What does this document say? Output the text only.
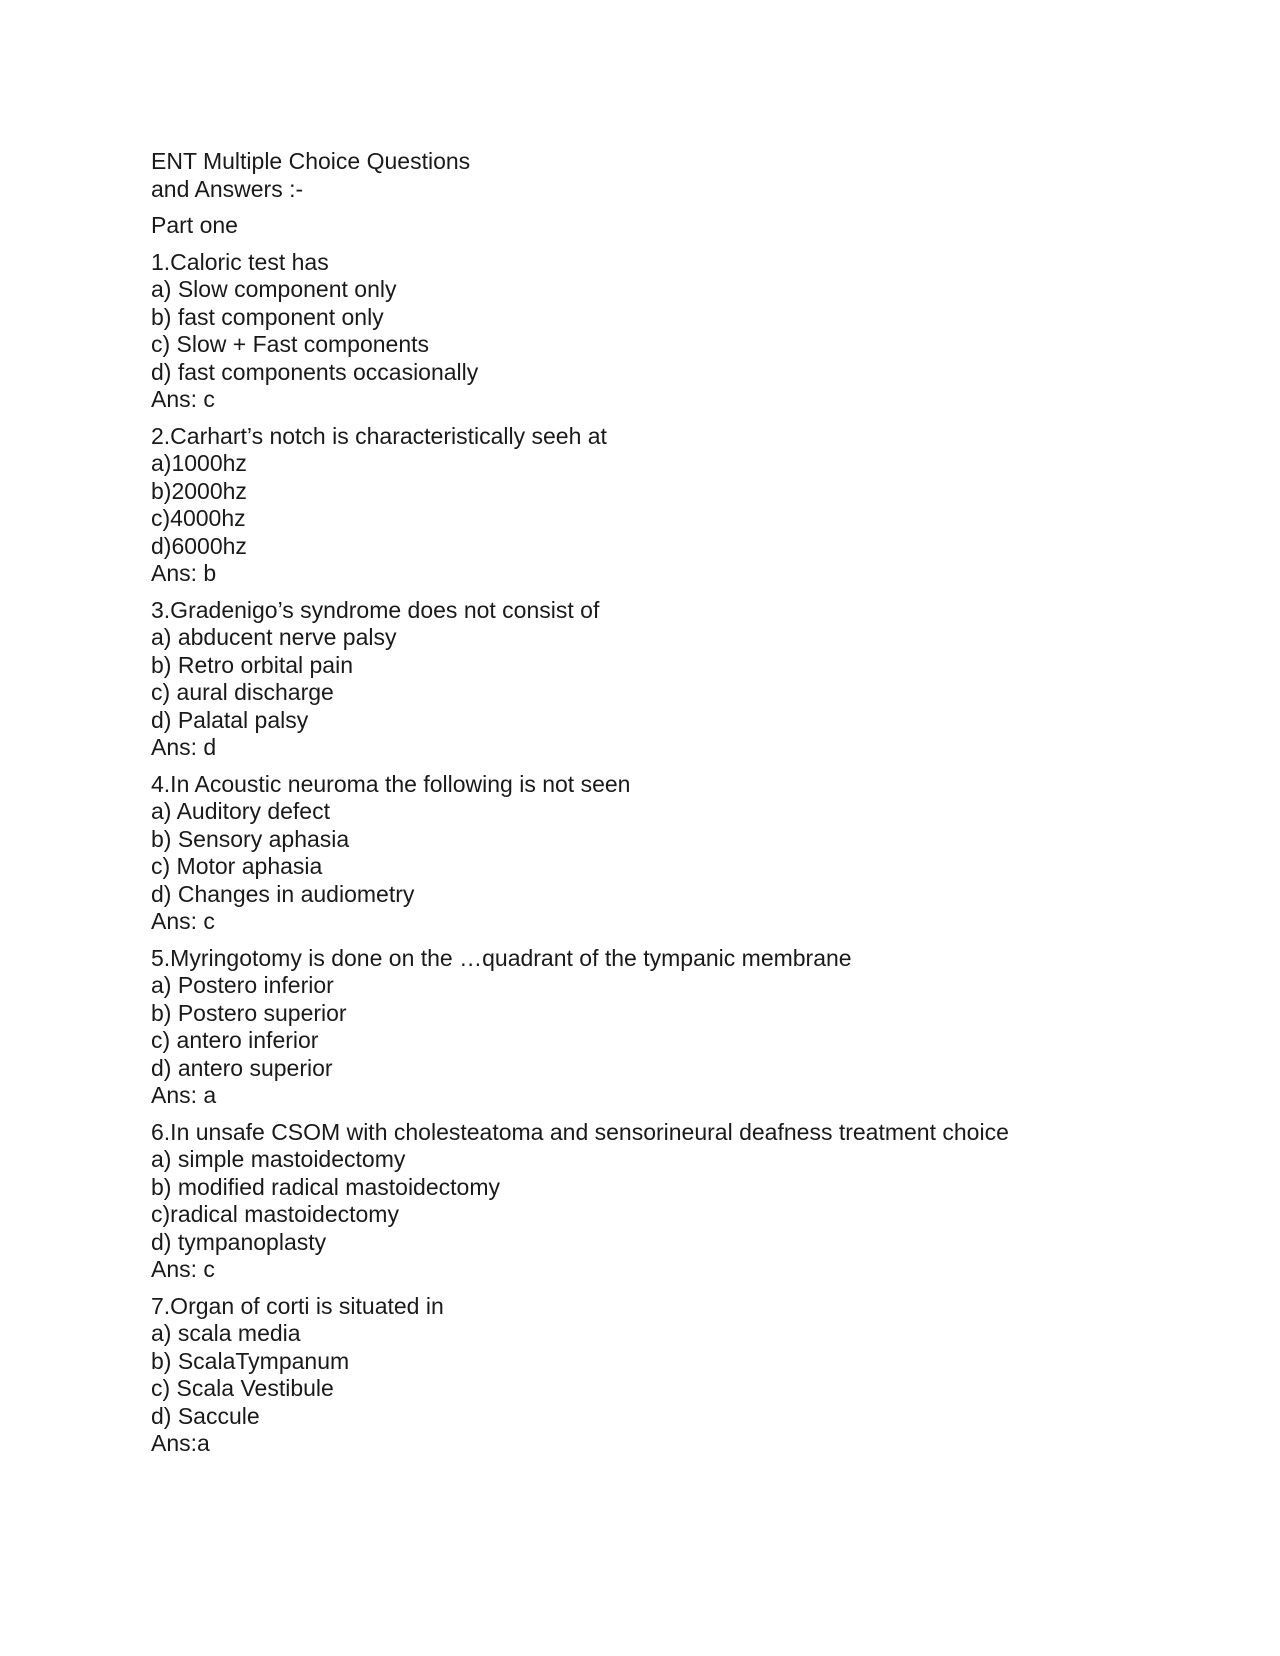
ENT Multiple Choice Questions

and Answers :-

Part one

1.Caloric test has

a) Slow component only

b) fast component only

c) Slow + Fast components

d) fast components occasionally

Ans: c

2.Carhart’s notch is characteristically seeh at

a)1000hz

b)2000hz

c)4000hz

d)6000hz

Ans: b

3.Gradenigo’s syndrome does not consist of

a) abducent nerve palsy

b) Retro orbital pain

c) aural discharge

d) Palatal palsy

Ans: d

4.In Acoustic neuroma the following is not seen

a) Auditory defect

b) Sensory aphasia

c) Motor aphasia

d) Changes in audiometry

Ans: c

5.Myringotomy is done on the …quadrant of the tympanic membrane

a) Postero inferior

b) Postero superior

c) antero inferior

d) antero superior

Ans: a

6.In unsafe CSOM with cholesteatoma and sensorineural deafness treatment choice

a) simple mastoidectomy

b) modified radical mastoidectomy

c)radical mastoidectomy

d) tympanoplasty

Ans: c

7.Organ of corti is situated in

a) scala media

b) ScalaTympanum

c) Scala Vestibule

d) Saccule

Ans:a
